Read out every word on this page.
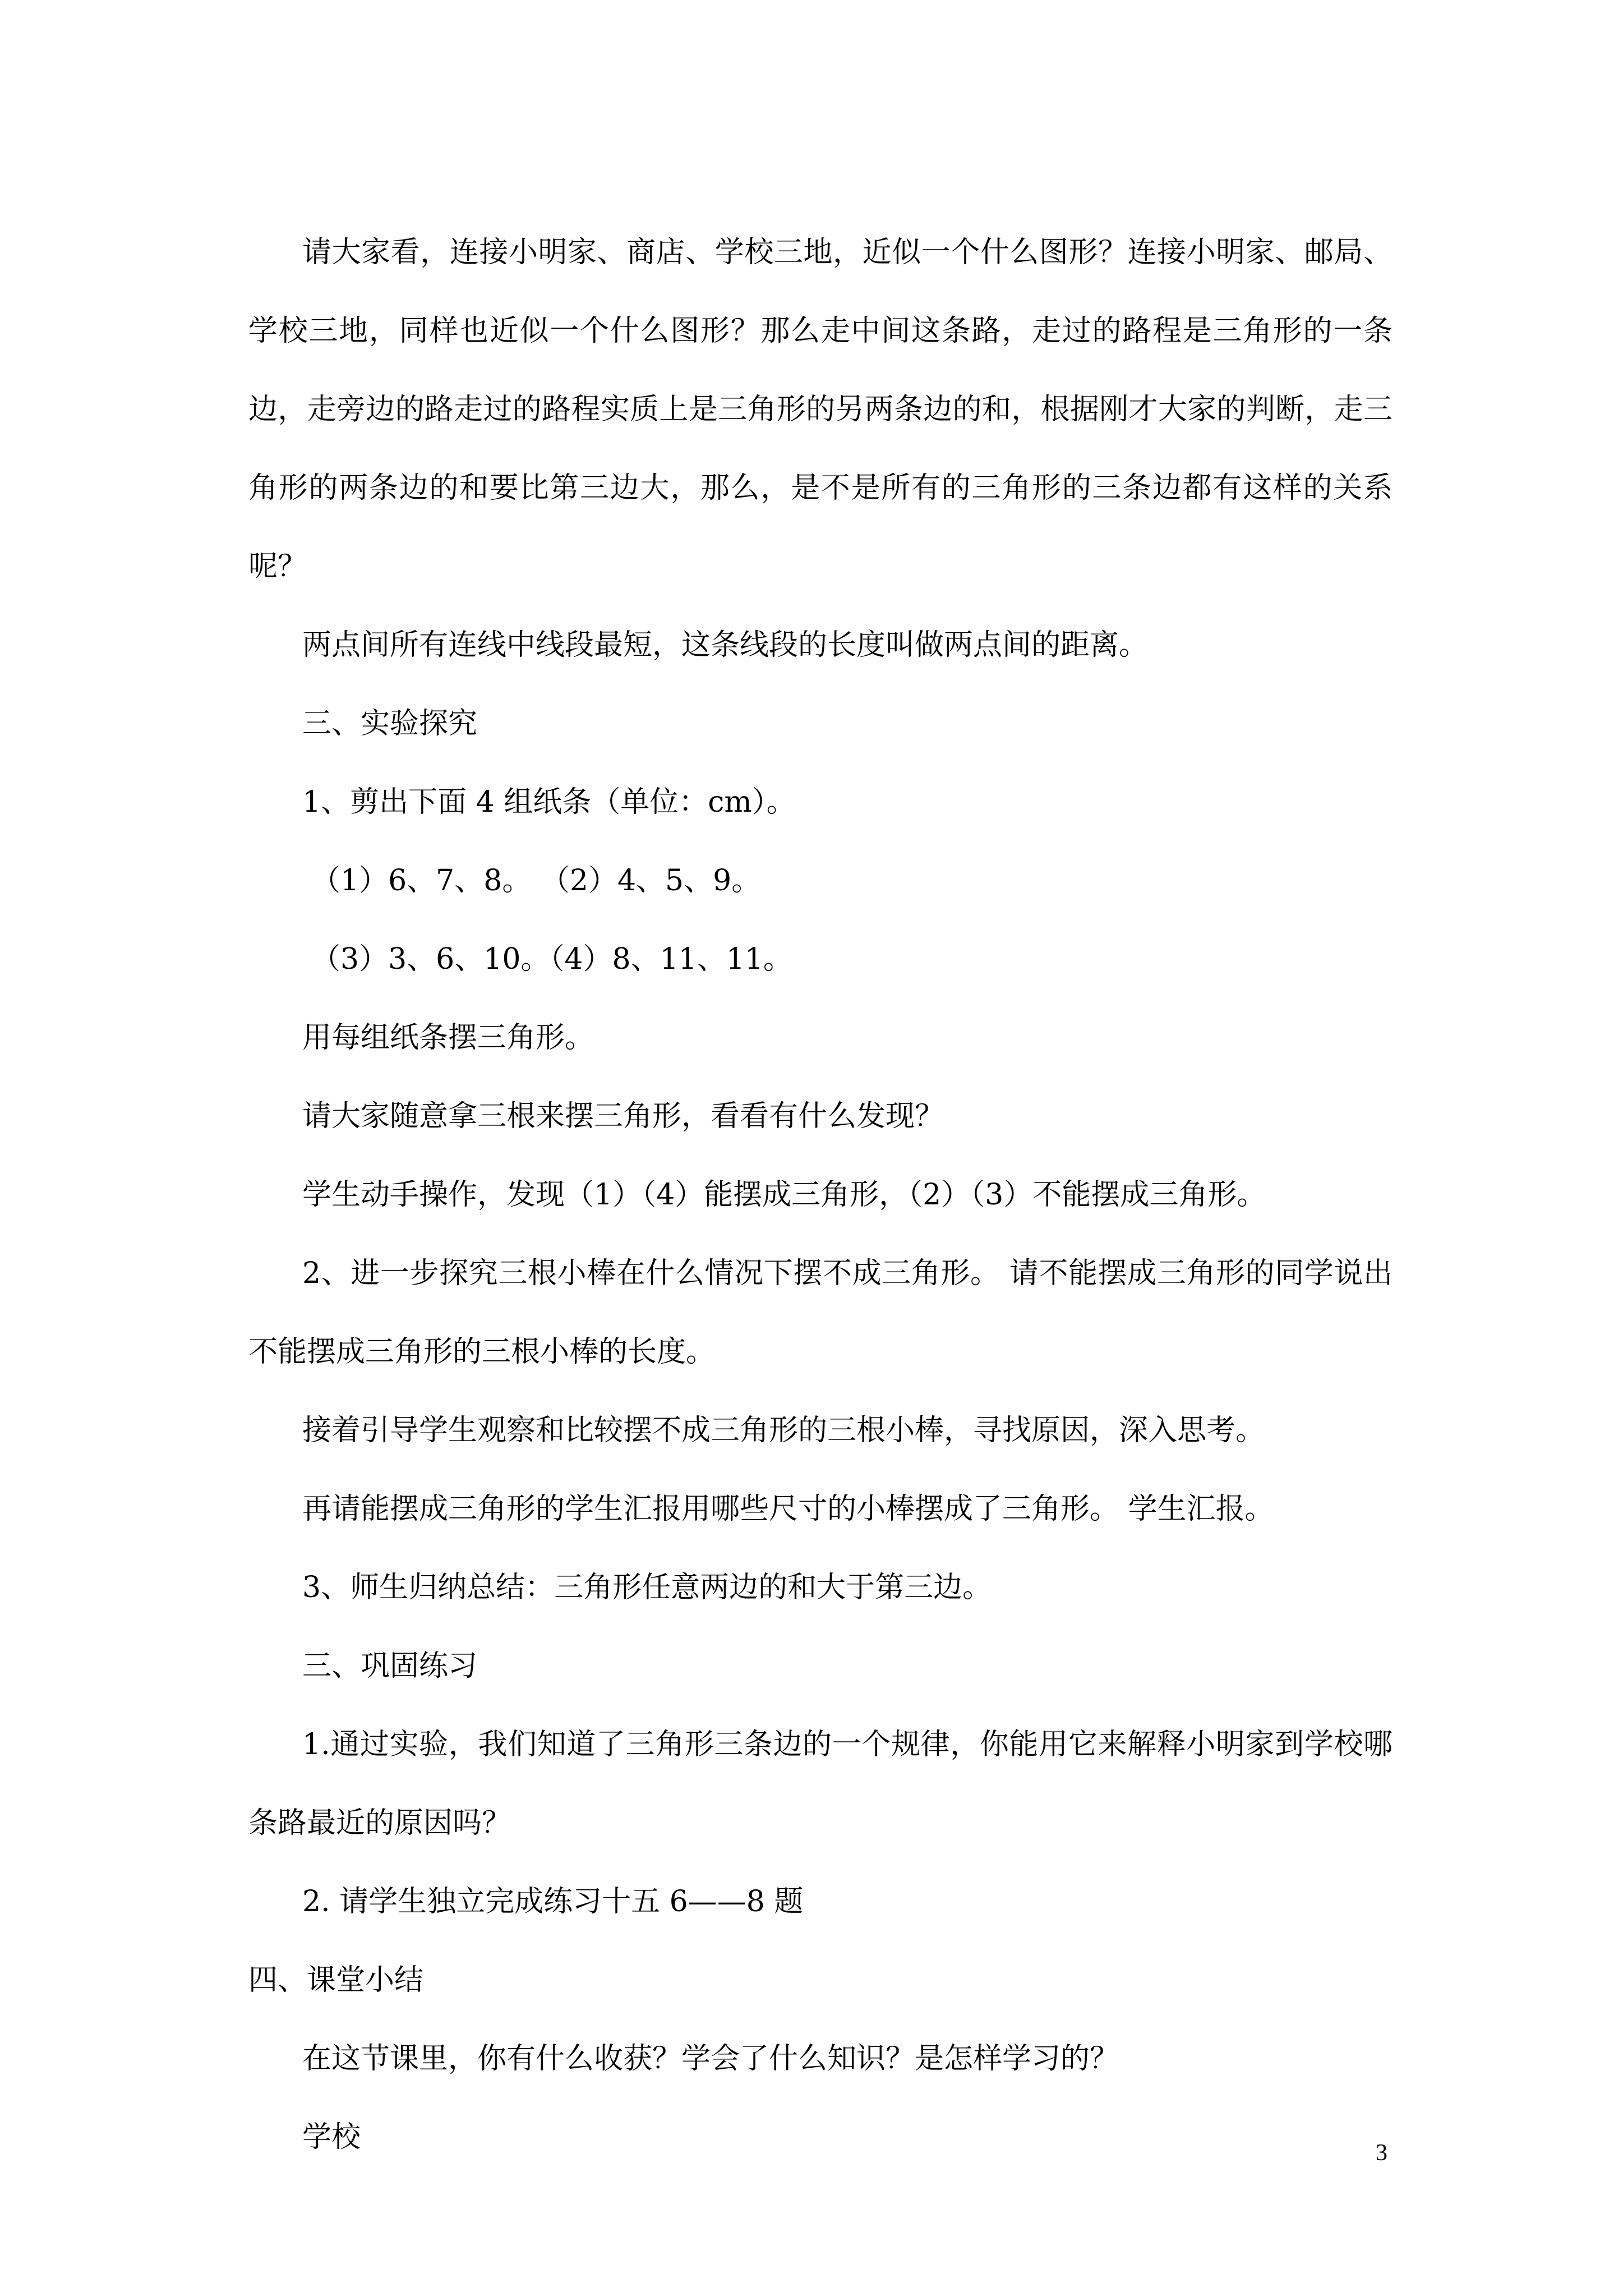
请大家看，连接小明家、商店、学校三地，近似一个什么图形？连接小明家、邮局、学校三地，同样也近似一个什么图形？那么走中间这条路，走过的路程是三角形的一条边，走旁边的路走过的路程实质上是三角形的另两条边的和，根据刚才大家的判断，走三角形的两条边的和要比第三边大，那么，是不是所有的三角形的三条边都有这样的关系呢？

两点间所有连线中线段最短，这条线段的长度叫做两点间的距离。

三、实验探究

1、剪出下面 4 组纸条（单位：cm）。

（1）6、7、8。 （2）4、5、9。

（3）3、6、10。（4）8、11、11。

用每组纸条摆三角形。

请大家随意拿三根来摆三角形，看看有什么发现？

学生动手操作，发现（1）（4）能摆成三角形，（2）（3）不能摆成三角形。

2、进一步探究三根小棒在什么情况下摆不成三角形。 请不能摆成三角形的同学说出不能摆成三角形的三根小棒的长度。

接着引导学生观察和比较摆不成三角形的三根小棒，寻找原因，深入思考。

再请能摆成三角形的学生汇报用哪些尺寸的小棒摆成了三角形。 学生汇报。

3、师生归纳总结：三角形任意两边的和大于第三边。

三、巩固练习

1.通过实验，我们知道了三角形三条边的一个规律，你能用它来解释小明家到学校哪条路最近的原因吗？

2. 请学生独立完成练习十五 6——8 题

四、课堂小结

在这节课里，你有什么收获？学会了什么知识？是怎样学习的？

学校	3
